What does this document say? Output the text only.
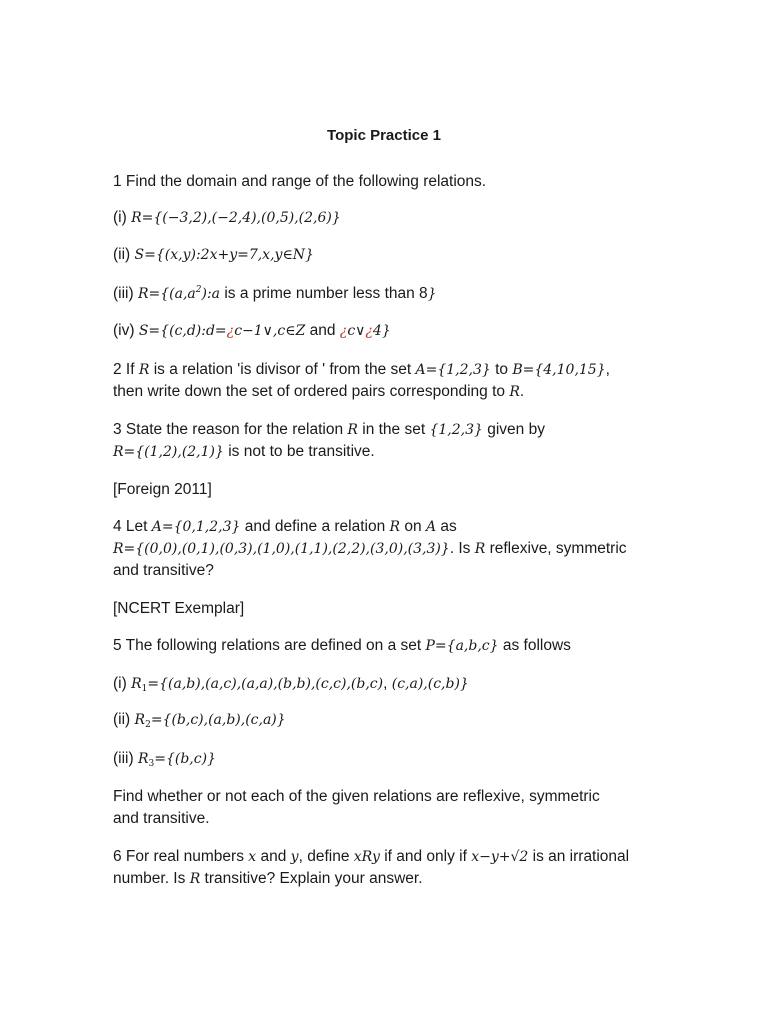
Topic Practice 1
1 Find the domain and range of the following relations.
(i) R={(−3,2),(−2,4),(0,5),(2,6)}
(ii) S={(x,y):2x+y=7,x,y∈N}
(iii) $R=\{(a,a^2):a$ is a prime number less than 8}
(iv) S={(c,d):d=¿c−1∨,c∈Z and ¿c∨¿4}
2 If R is a relation 'is divisor of ' from the set A={1,2,3} to B={4,10,15},
then write down the set of ordered pairs corresponding to R.
3 State the reason for the relation R in the set {1,2,3} given by
R={(1,2),(2,1)} is not to be transitive.
[Foreign 2011]
4 Let A={0,1,2,3} and define a relation R on A as
R={(0,0),(0,1),(0,3),(1,0),(1,1),(2,2),(3,0),(3,3)}. Is R reflexive, symmetric
and transitive?
[NCERT Exemplar]
5 The following relations are defined on a set P={a,b,c} as follows
(i) $R_1=\{(a,b),(a,c),(a,a),(b,b),(c,c),(b,c)$, (c,a),(c,b)}
(ii) $R_2=\{(b,c),(a,b),(c,a)\}$
(iii) $R_3=\{(b,c)\}$
Find whether or not each of the given relations are reflexive, symmetric
and transitive.
6 For real numbers x and y, define xRy if and only if x−y+√2 is an irrational
number. Is R transitive? Explain your answer.
